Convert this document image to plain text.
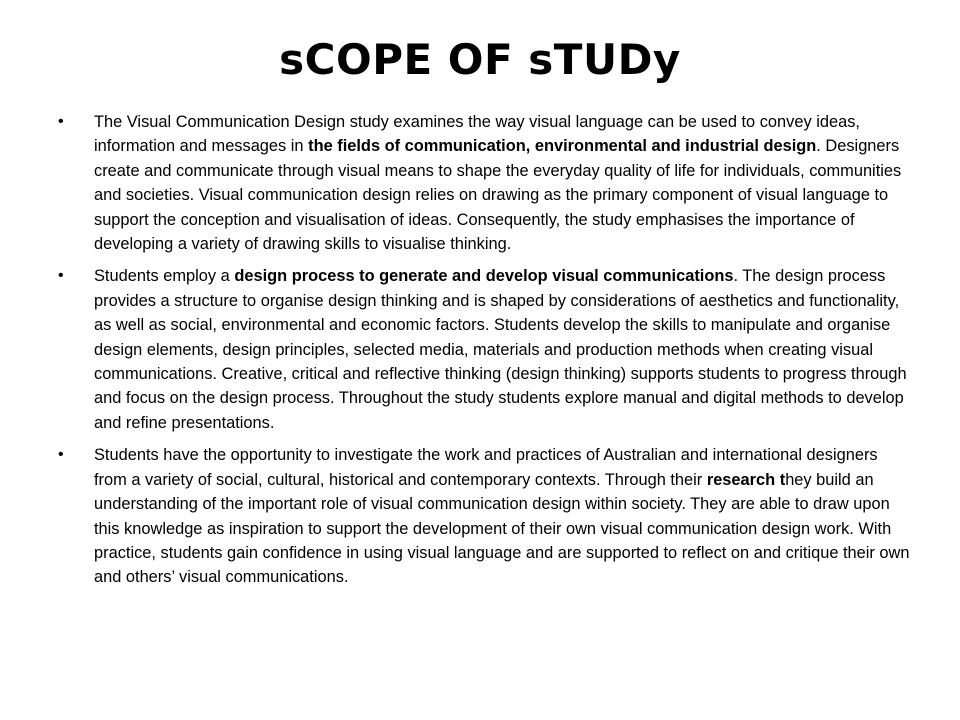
sCOPE OF sTUDy
• The Visual Communication Design study examines the way visual language can be used to convey ideas, information and messages in the fields of communication, environmental and industrial design. Designers create and communicate through visual means to shape the everyday quality of life for individuals, communities and societies. Visual communication design relies on drawing as the primary component of visual language to support the conception and visualisation of ideas. Consequently, the study emphasises the importance of developing a variety of drawing skills to visualise thinking.
• Students employ a design process to generate and develop visual communications. The design process provides a structure to organise design thinking and is shaped by considerations of aesthetics and functionality, as well as social, environmental and economic factors. Students develop the skills to manipulate and organise design elements, design principles, selected media, materials and production methods when creating visual communications. Creative, critical and reflective thinking (design thinking) supports students to progress through and focus on the design process. Throughout the study students explore manual and digital methods to develop and refine presentations.
• Students have the opportunity to investigate the work and practices of Australian and international designers from a variety of social, cultural, historical and contemporary contexts. Through their research they build an understanding of the important role of visual communication design within society. They are able to draw upon this knowledge as inspiration to support the development of their own visual communication design work. With practice, students gain confidence in using visual language and are supported to reflect on and critique their own and others’ visual communications.
